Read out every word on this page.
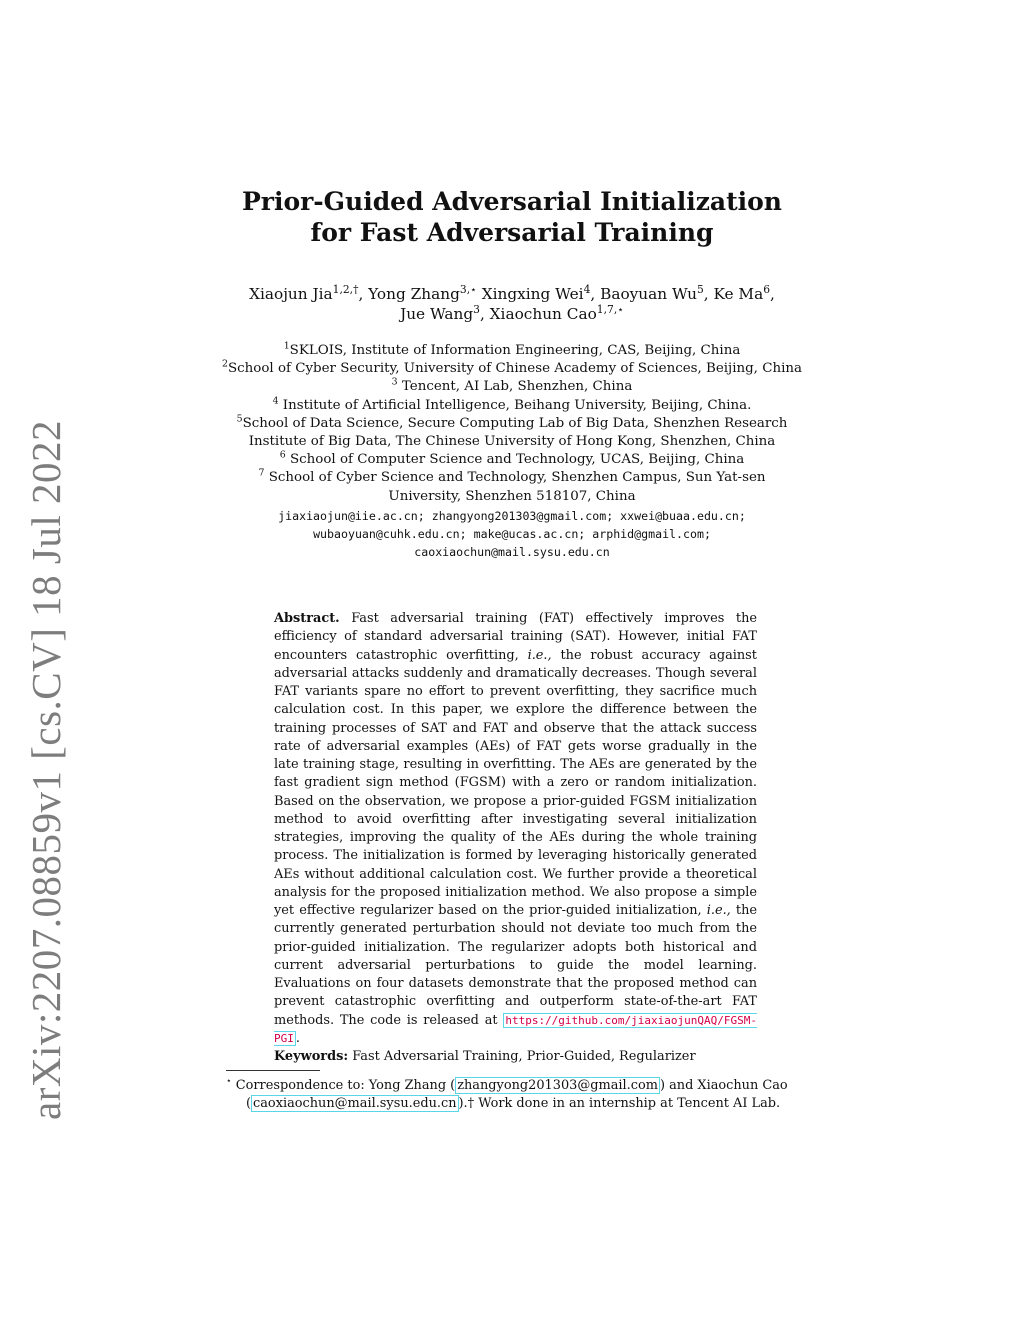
arXiv:2207.08859v1 [cs.CV] 18 Jul 2022
Prior-Guided Adversarial Initialization
for Fast Adversarial Training
Xiaojun Jia$^{1,2,\dagger}$, Yong Zhang$^{3,⋆}$ Xingxing Wei$^4$, Baoyuan Wu$^5$, Ke Ma$^6$,
Jue Wang$^3$, Xiaochun Cao$^{1,7,⋆}$
$^1$SKLOIS, Institute of Information Engineering, CAS, Beijing, China
$^2$School of Cyber Security, University of Chinese Academy of Sciences, Beijing, China
$^3$ Tencent, AI Lab, Shenzhen, China
$^4$ Institute of Artificial Intelligence, Beihang University, Beijing, China.
$^5$School of Data Science, Secure Computing Lab of Big Data, Shenzhen Research
Institute of Big Data, The Chinese University of Hong Kong, Shenzhen, China
$^6$ School of Computer Science and Technology, UCAS, Beijing, China
$^7$ School of Cyber Science and Technology, Shenzhen Campus, Sun Yat-sen
University, Shenzhen 518107, China
jiaxiaojun@iie.ac.cn; zhangyong201303@gmail.com; xxwei@buaa.edu.cn;
wubaoyuan@cuhk.edu.cn; make@ucas.ac.cn; arphid@gmail.com;
caoxiaochun@mail.sysu.edu.cn
Abstract. Fast adversarial training (FAT) effectively improves the efficiency of standard adversarial training (SAT). However, initial FAT encounters catastrophic overfitting, i.e., the robust accuracy against adversarial attacks suddenly and dramatically decreases. Though several FAT variants spare no effort to prevent overfitting, they sacrifice much calculation cost. In this paper, we explore the difference between the training processes of SAT and FAT and observe that the attack success rate of adversarial examples (AEs) of FAT gets worse gradually in the late training stage, resulting in overfitting. The AEs are generated by the fast gradient sign method (FGSM) with a zero or random initialization. Based on the observation, we propose a prior-guided FGSM initialization method to avoid overfitting after investigating several initialization strategies, improving the quality of the AEs during the whole training process. The initialization is formed by leveraging historically generated AEs without additional calculation cost. We further provide a theoretical analysis for the proposed initialization method. We also propose a simple yet effective regularizer based on the prior-guided initialization, i.e., the currently generated perturbation should not deviate too much from the prior-guided initialization. The regularizer adopts both historical and current adversarial perturbations to guide the model learning. Evaluations on four datasets demonstrate that the proposed method can prevent catastrophic overfitting and outperform state-of-the-art FAT methods. The code is released at https://github.com/jiaxiaojunQAQ/FGSM-PGI .
Keywords: Fast Adversarial Training, Prior-Guided, Regularizer
⋆ Correspondence to: Yong Zhang ( zhangyong201303@gmail.com ) and Xiaochun Cao
( caoxiaochun@mail.sysu.edu.cn ).† Work done in an internship at Tencent AI Lab.
